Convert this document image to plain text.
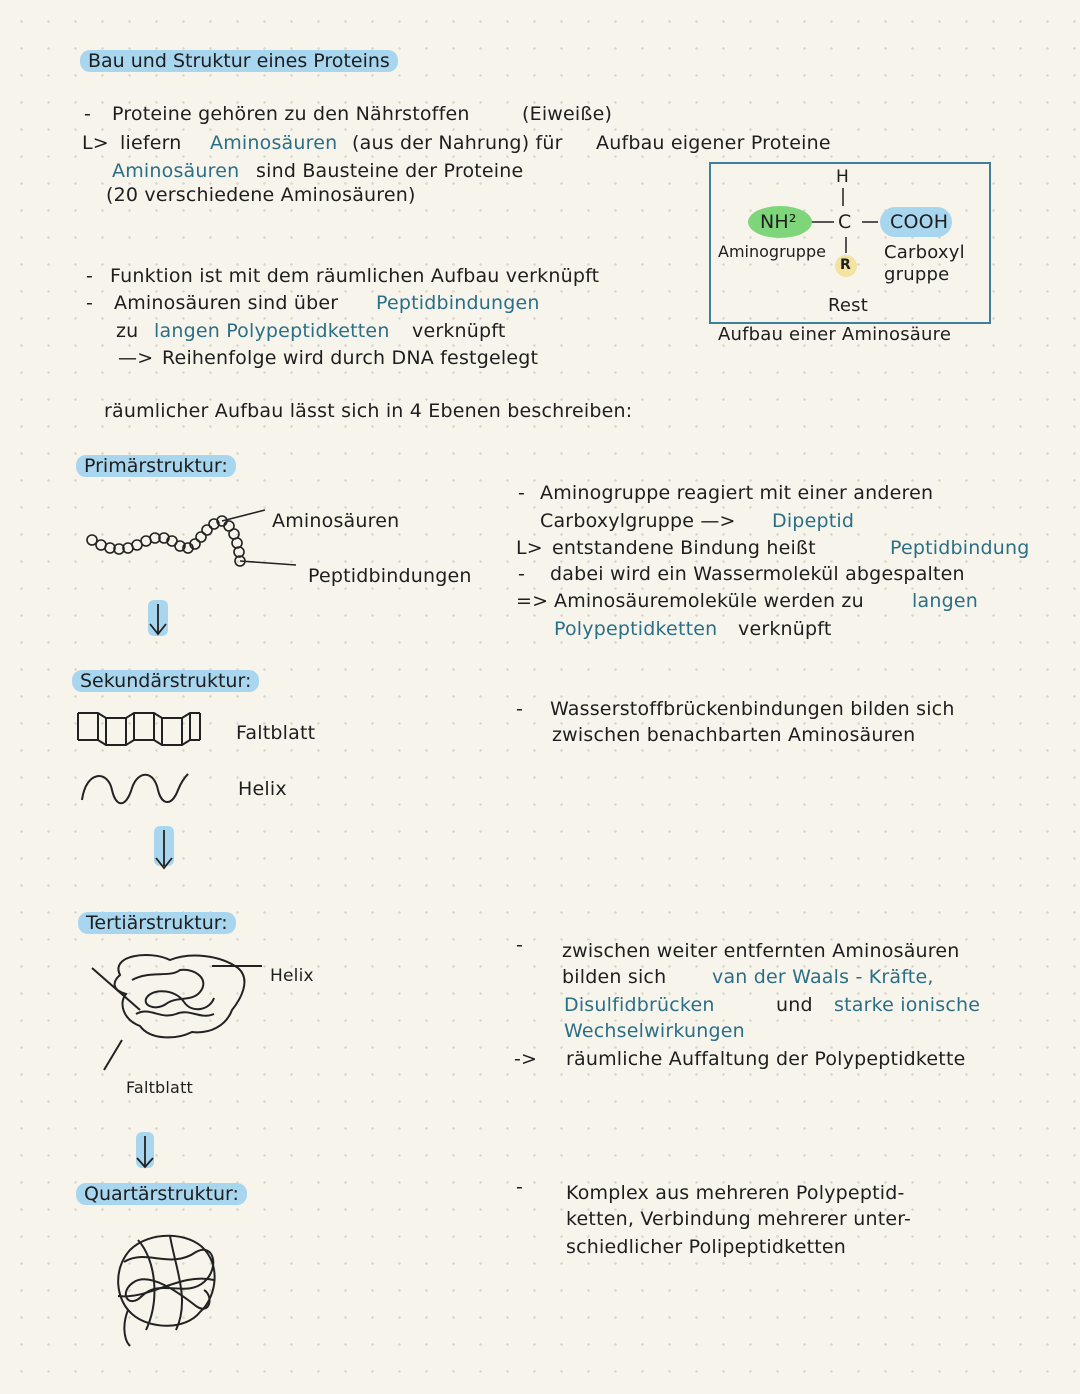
Bau und Struktur eines Proteins
- Proteine gehören zu den Nährstoffen	(Eiweiße)
L> liefern Aminosäuren (aus der Nahrung) für Aufbau eigener Proteine
Aminosäuren sind Bausteine der Proteine
(20 verschiedene Aminosäuren)
- Funktion ist mit dem räumlichen Aufbau verknüpft
- Aminosäuren sind über Peptidbindungen
zu langen Polypeptidketten verknüpft
—> Reihenfolge wird durch DNA festgelegt
räumlicher Aufbau lässt sich in 4 Ebenen beschreiben:
H
NH² C COOH
Aminogruppe
R
Carboxyl
gruppe
Rest
Aufbau einer Aminosäure
Primärstruktur:
Aminosäuren
Peptidbindungen
- Aminogruppe reagiert mit einer anderen
Carboxylgruppe —> Dipeptid
L> entstandene Bindung heißt	Peptidbindung
- dabei wird ein Wassermolekül abgespalten
=> Aminosäuremoleküle werden zu	langen
Polypeptidketten verknüpft
Sekundärstruktur:
Faltblatt
Helix
- Wasserstoffbrückenbindungen bilden sich
zwischen benachbarten Aminosäuren
Tertiärstruktur:
Helix
Faltblatt
- zwischen weiter entfernten Aminosäuren
bilden sich van der Waals - Kräfte,
Disulfidbrücken	und starke ionische
Wechselwirkungen
-> räumliche Auffaltung der Polypeptidkette
Quartärstruktur:	- Komplex aus mehreren Polypeptid-
ketten, Verbindung mehrerer unter-
schiedlicher Polipeptidketten
